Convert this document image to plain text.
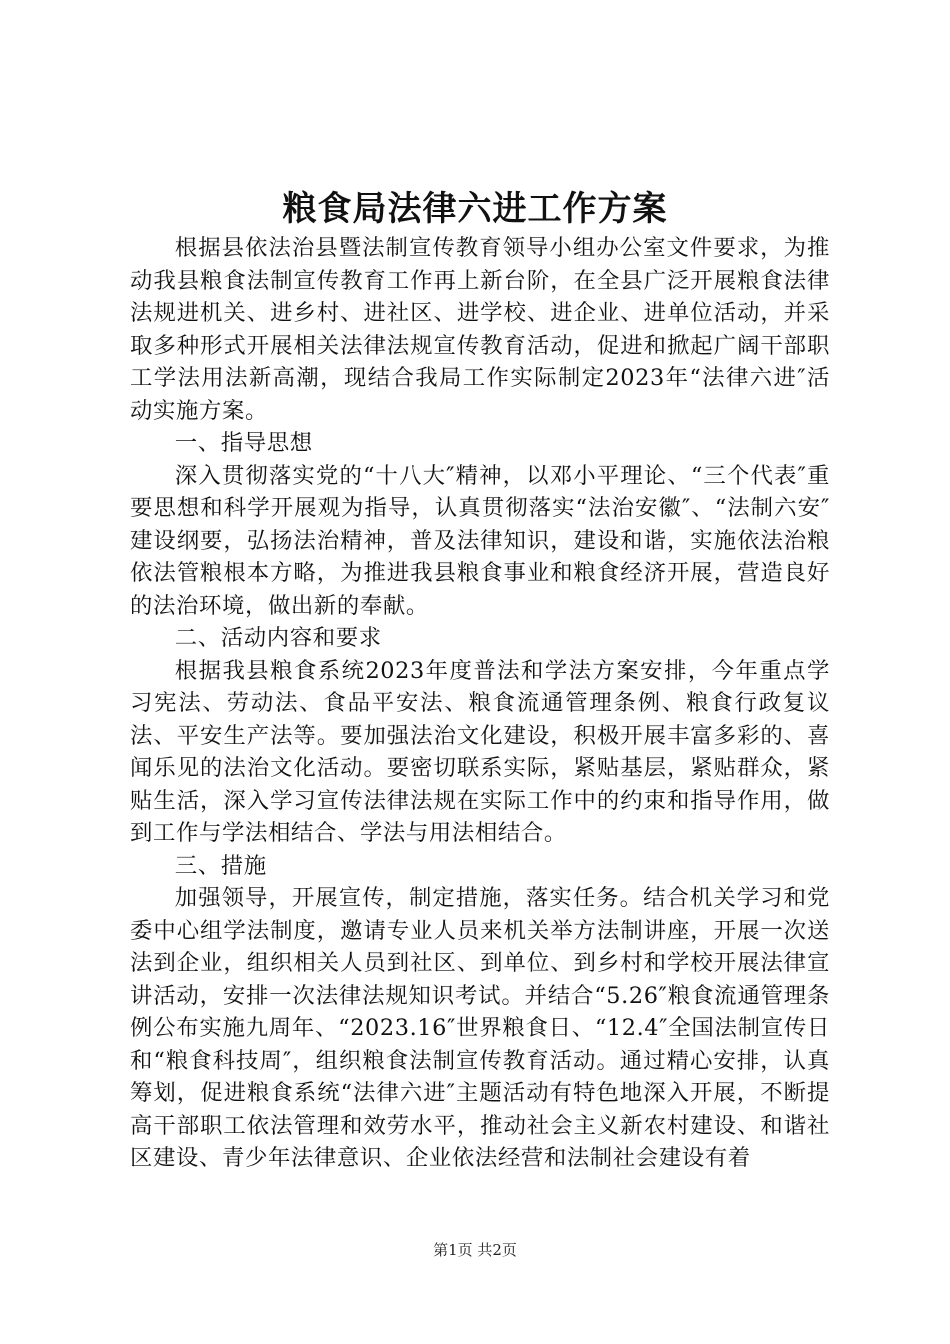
粮食局法律六进工作方案

根据县依法治县暨法制宣传教育领导小组办公室文件要求，为推动我县粮食法制宣传教育工作再上新台阶，在全县广泛开展粮食法律法规进机关、进乡村、进社区、进学校、进企业、进单位活动，并采取多种形式开展相关法律法规宣传教育活动，促进和掀起广阔干部职工学法用法新高潮，现结合我局工作实际制定2023年“法律六进″活动实施方案。

一、指导思想

深入贯彻落实党的“十八大″精神，以邓小平理论、“三个代表″重要思想和科学开展观为指导，认真贯彻落实“法治安徽″、“法制六安″建设纲要，弘扬法治精神，普及法律知识，建设和谐，实施依法治粮依法管粮根本方略，为推进我县粮食事业和粮食经济开展，营造良好的法治环境，做出新的奉献。

二、活动内容和要求

根据我县粮食系统2023年度普法和学法方案安排，今年重点学习宪法、劳动法、食品平安法、粮食流通管理条例、粮食行政复议法、平安生产法等。要加强法治文化建设，积极开展丰富多彩的、喜闻乐见的法治文化活动。要密切联系实际，紧贴基层，紧贴群众，紧贴生活，深入学习宣传法律法规在实际工作中的约束和指导作用，做到工作与学法相结合、学法与用法相结合。

三、措施

加强领导，开展宣传，制定措施，落实任务。结合机关学习和党委中心组学法制度，邀请专业人员来机关举方法制讲座，开展一次送法到企业，组织相关人员到社区、到单位、到乡村和学校开展法律宣讲活动，安排一次法律法规知识考试。并结合“5.26″粮食流通管理条例公布实施九周年、“2023.16″世界粮食日、“12.4″全国法制宣传日和“粮食科技周″，组织粮食法制宣传教育活动。通过精心安排，认真筹划，促进粮食系统“法律六进″主题活动有特色地深入开展，不断提高干部职工依法管理和效劳水平，推动社会主义新农村建设、和谐社区建设、青少年法律意识、企业依法经营和法制社会建设有着

第1页 共2页
